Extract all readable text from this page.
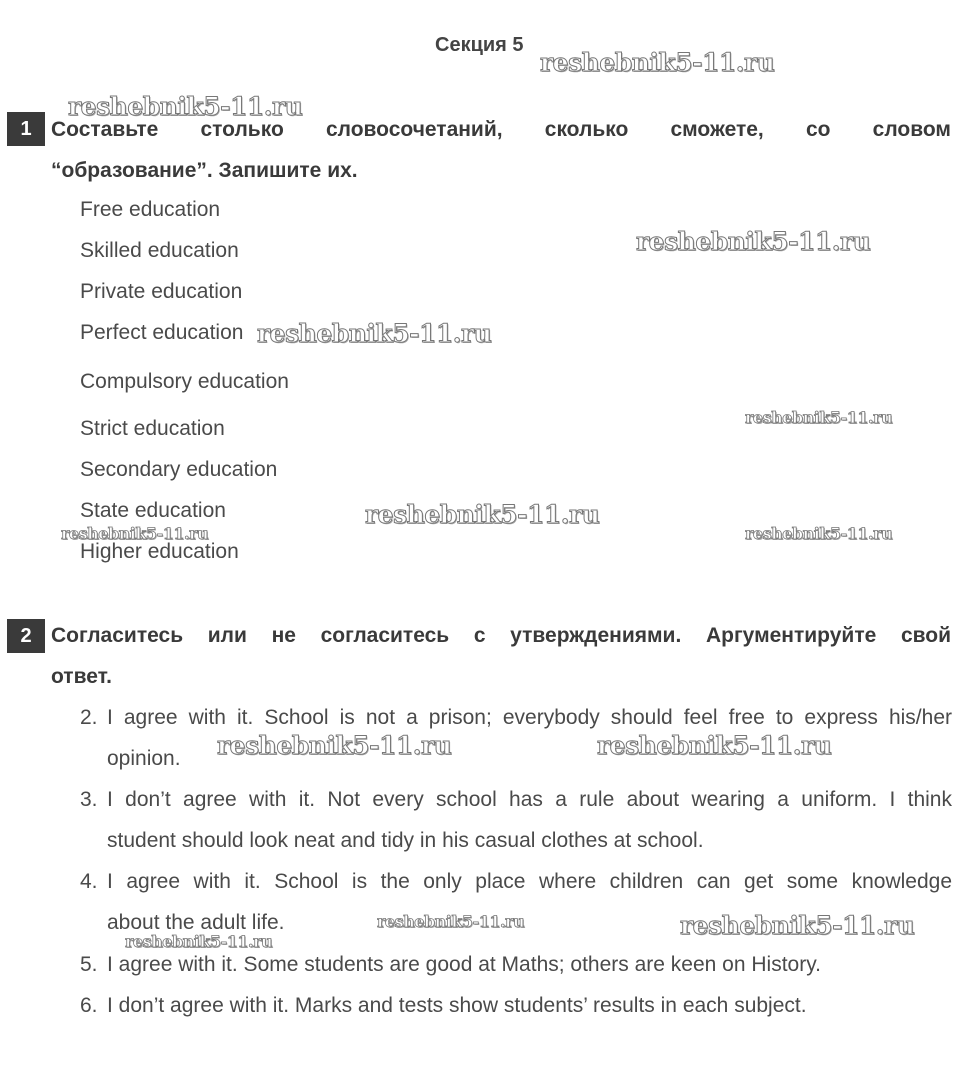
Секция 5
1 Составьте столько словосочетаний, сколько сможете, со словом
“образование”. Запишите их.
Free education
Skilled education
Private education
Perfect education
Compulsory education
Strict education
Secondary education
State education
Higher education
2 Согласитесь или не согласитесь с утверждениями. Аргументируйте свой
ответ.
2. I agree with it. School is not a prison; everybody should feel free to express his/her
opinion.
3. I don’t agree with it. Not every school has a rule about wearing a uniform. I think
student should look neat and tidy in his casual clothes at school.
4. I agree with it. School is the only place where children can get some knowledge
about the adult life.
5. I agree with it. Some students are good at Maths; others are keen on History.
6. I don’t agree with it. Marks and tests show students’ results in each subject.
reshebnik5-11.ru
reshebnik5-11.ru
reshebnik5-11.ru
reshebnik5-11.ru
reshebnik5-11.ru
reshebnik5-11.ru
reshebnik5-11.ru	reshebnik5-11.ru
reshebnik5-11.ru	reshebnik5-11.ru
reshebnik5-11.ru
reshebnik5-11.ru
reshebnik5-11.ru
